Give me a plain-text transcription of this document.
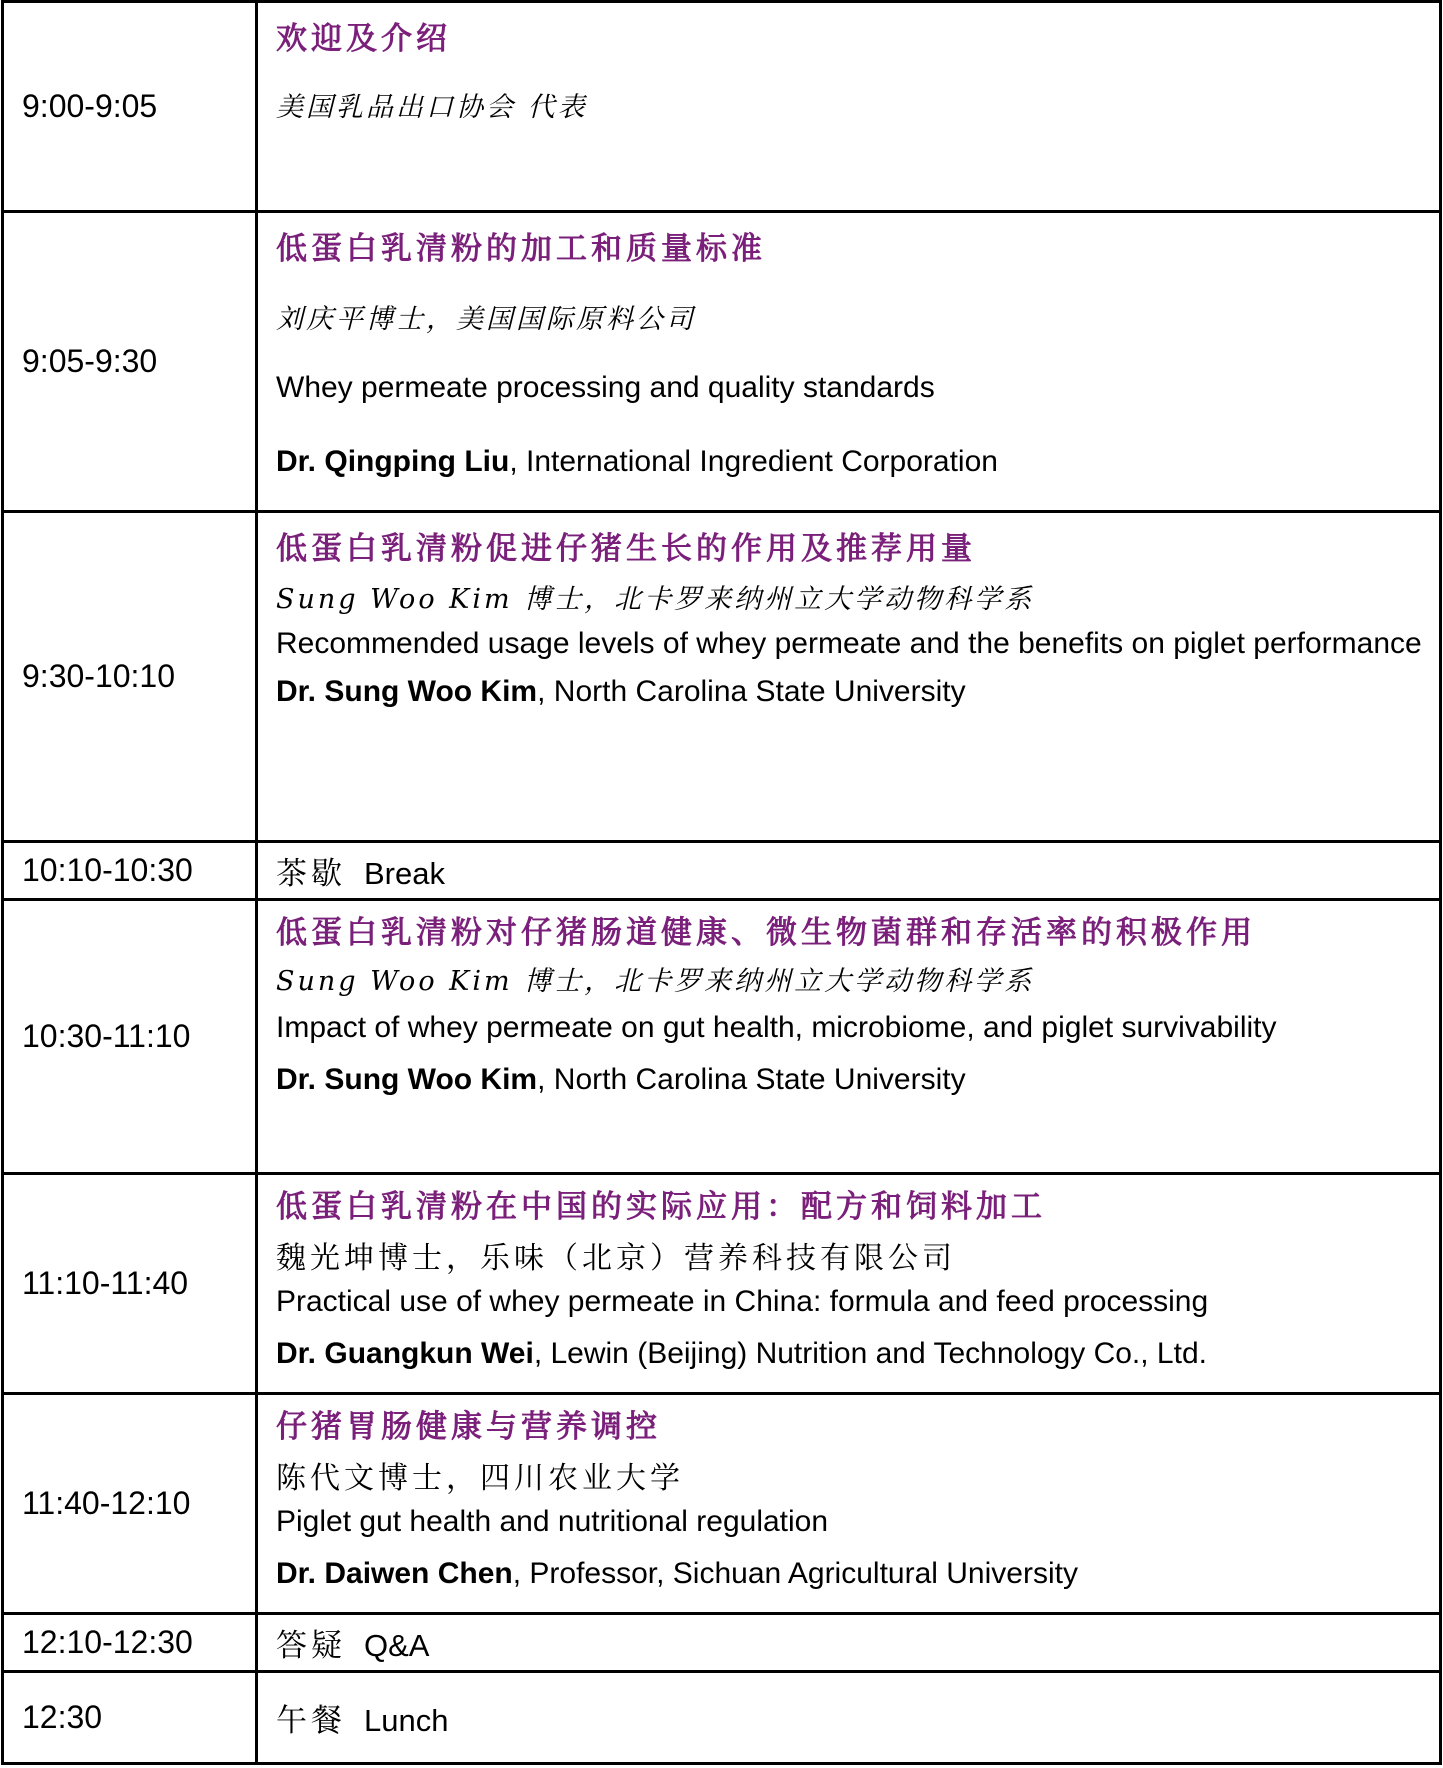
9:00-9:05	欢迎及介绍
美国乳品出口协会 代表

9:05-9:30	低蛋白乳清粉的加工和质量标准
刘庆平博士，美国国际原料公司
Whey permeate processing and quality standards
Dr. Qingping Liu, International Ingredient Corporation

9:30-10:10	低蛋白乳清粉促进仔猪生长的作用及推荐用量
Sung Woo Kim 博士，北卡罗来纳州立大学动物科学系
Recommended usage levels of whey permeate and the benefits on piglet performance
Dr. Sung Woo Kim, North Carolina State University

10:10-10:30	茶歇 Break
10:30-11:10	低蛋白乳清粉对仔猪肠道健康、微生物菌群和存活率的积极作用
Sung Woo Kim 博士，北卡罗来纳州立大学动物科学系
Impact of whey permeate on gut health, microbiome, and piglet survivability
Dr. Sung Woo Kim, North Carolina State University

11:10-11:40	低蛋白乳清粉在中国的实际应用：配方和饲料加工
魏光坤博士，乐味（北京）营养科技有限公司
Practical use of whey permeate in China: formula and feed processing
Dr. Guangkun Wei, Lewin (Beijing) Nutrition and Technology Co., Ltd.

11:40-12:10	仔猪胃肠健康与营养调控
陈代文博士，四川农业大学
Piglet gut health and nutritional regulation
Dr. Daiwen Chen, Professor, Sichuan Agricultural University

12:10-12:30	答疑 Q&A
12:30	午餐 Lunch
